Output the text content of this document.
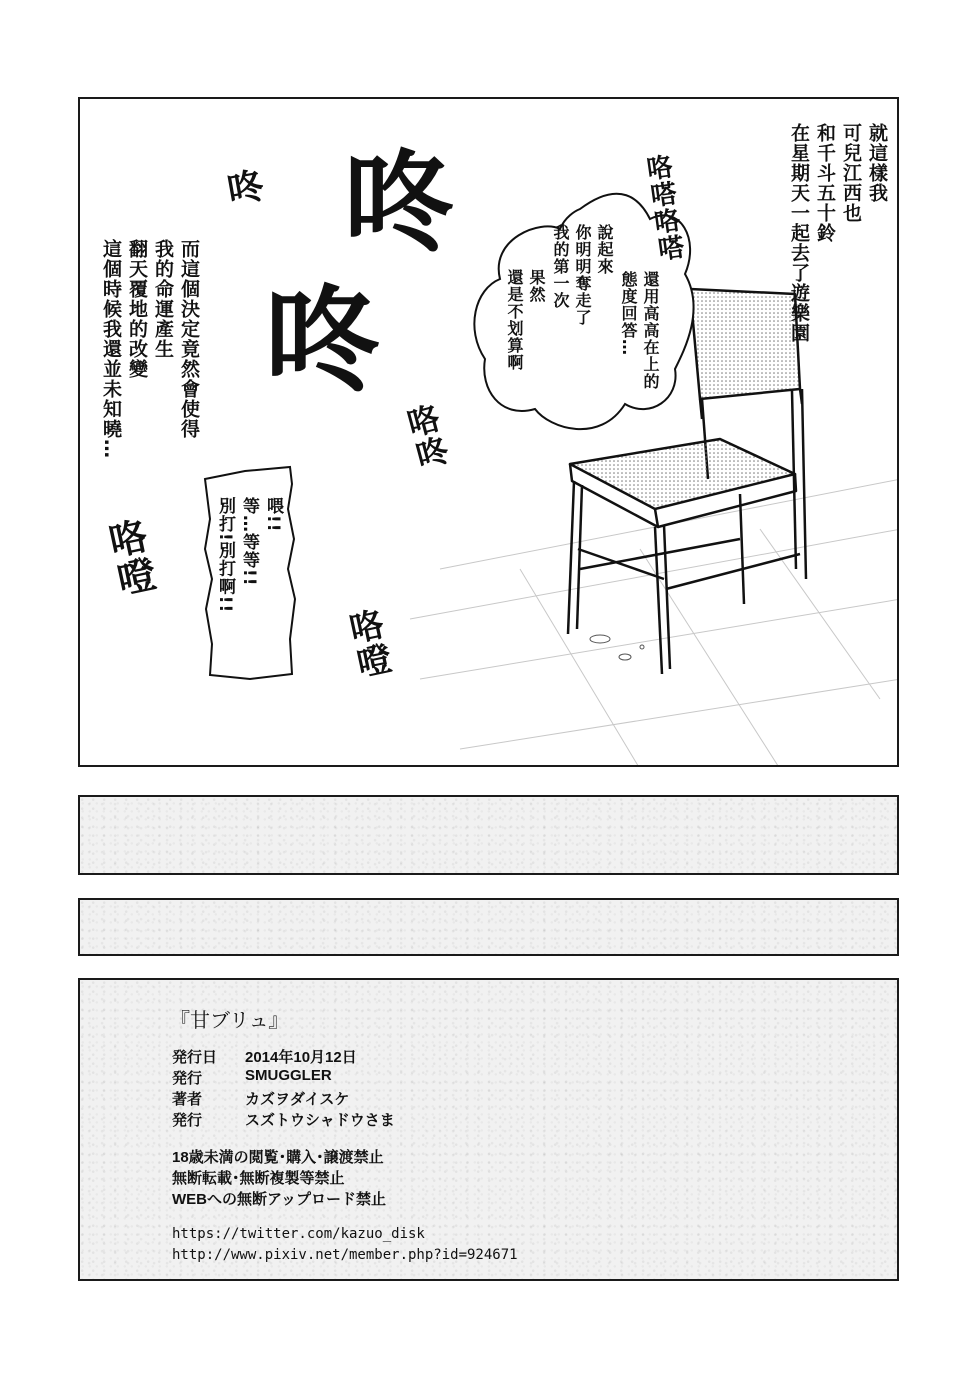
就這樣我
可兒江西也
和千斗五十鈴
在星期天一起去了遊樂園
說起來
你明明奪走了
我的第一次
還用高高在上的
態度回答…
果然
還是不划算啊
喂!!
等…等等!!
別打!別打啊!!
而這個決定竟然會使得
我的命運產生
翻天覆地的改變
這個時候我還並未知曉…
咯嗒咯嗒
咚
咚
咚
咯咚
咯噔
咯噔
『甘ブリュ』
発行日 2014年10月12日
発行	SMUGGLER
著者	カズヲダイスケ
発行	スズトウシャドウさま
18歳未満の閲覧･購入･譲渡禁止
無断転載･無断複製等禁止
WEBへの無断アップロード禁止
https://twitter.com/kazuo_disk
http://www.pixiv.net/member.php?id=924671
